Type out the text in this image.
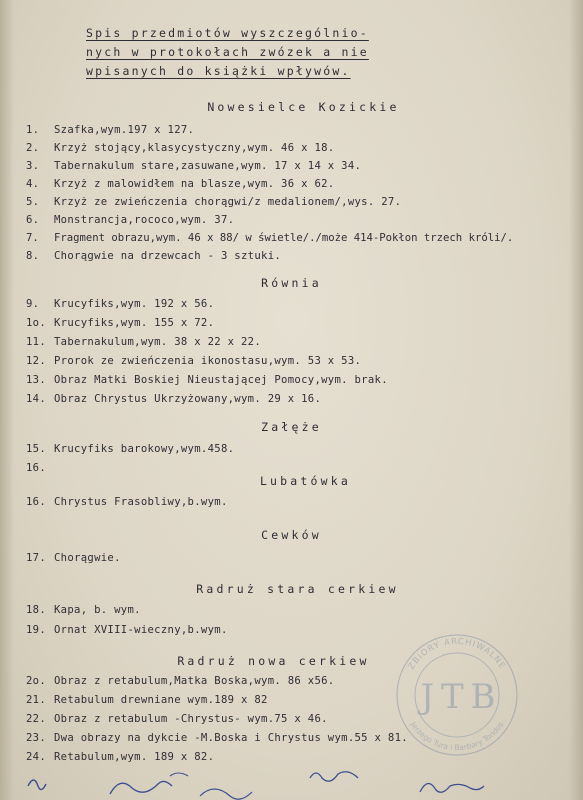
Spis przedmiotów wyszczególnio-
nych w protokołach zwózek a nie
wpisanych do książki wpływów.
Nowesielce Kozickie
1. Szafka,wym.197 x 127.
2. Krzyż stojący,klasycystyczny,wym. 46 x 18.
3. Tabernakulum stare,zasuwane,wym. 17 x 14 x 34.
4. Krzyż z malowidłem na blasze,wym. 36 x 62.
5. Krzyż ze zwieńczenia chorągwi/z medalionem/,wys. 27.
6. Monstrancja,rococo,wym. 37.
7. Fragment obrazu,wym. 46 x 88/ w świetle/./może 414-Pokłon trzech króli/.
8. Chorągwie na drzewcach - 3 sztuki.
Równia
9. Krucyfiks,wym. 192 x 56.
1o. Krucyfiks,wym. 155 x 72.
11. Tabernakulum,wym. 38 x 22 x 22.
12. Prorok ze zwieńczenia ikonostasu,wym. 53 x 53.
13. Obraz Matki Boskiej Nieustającej Pomocy,wym. brak.
14. Obraz Chrystus Ukrzyżowany,wym. 29 x 16.
Załęże
15. Krucyfiks barokowy,wym.458.
16.
Lubatówka
16. Chrystus Frasobliwy,b.wym.
Cewków
17. Chorągwie.
Radruż stara cerkiew
18. Kapa, b. wym.
19. Ornat XVIII-wieczny,b.wym.
Radruż nowa cerkiew
2o. Obraz z retabulum,Matka Boska,wym. 86 x56.
21. Retabulum drewniane wym.189 x 82
22. Obraz z retabulum -Chrystus- wym.75 x 46.
23. Dwa obrazy na dykcie -M.Boska i Chrystus wym.55 x 81.
24. Retabulum,wym. 189 x 82.
ZBIORY ARCHIWALNE
Jerzego Tura i Barbary Tondos
J T B
